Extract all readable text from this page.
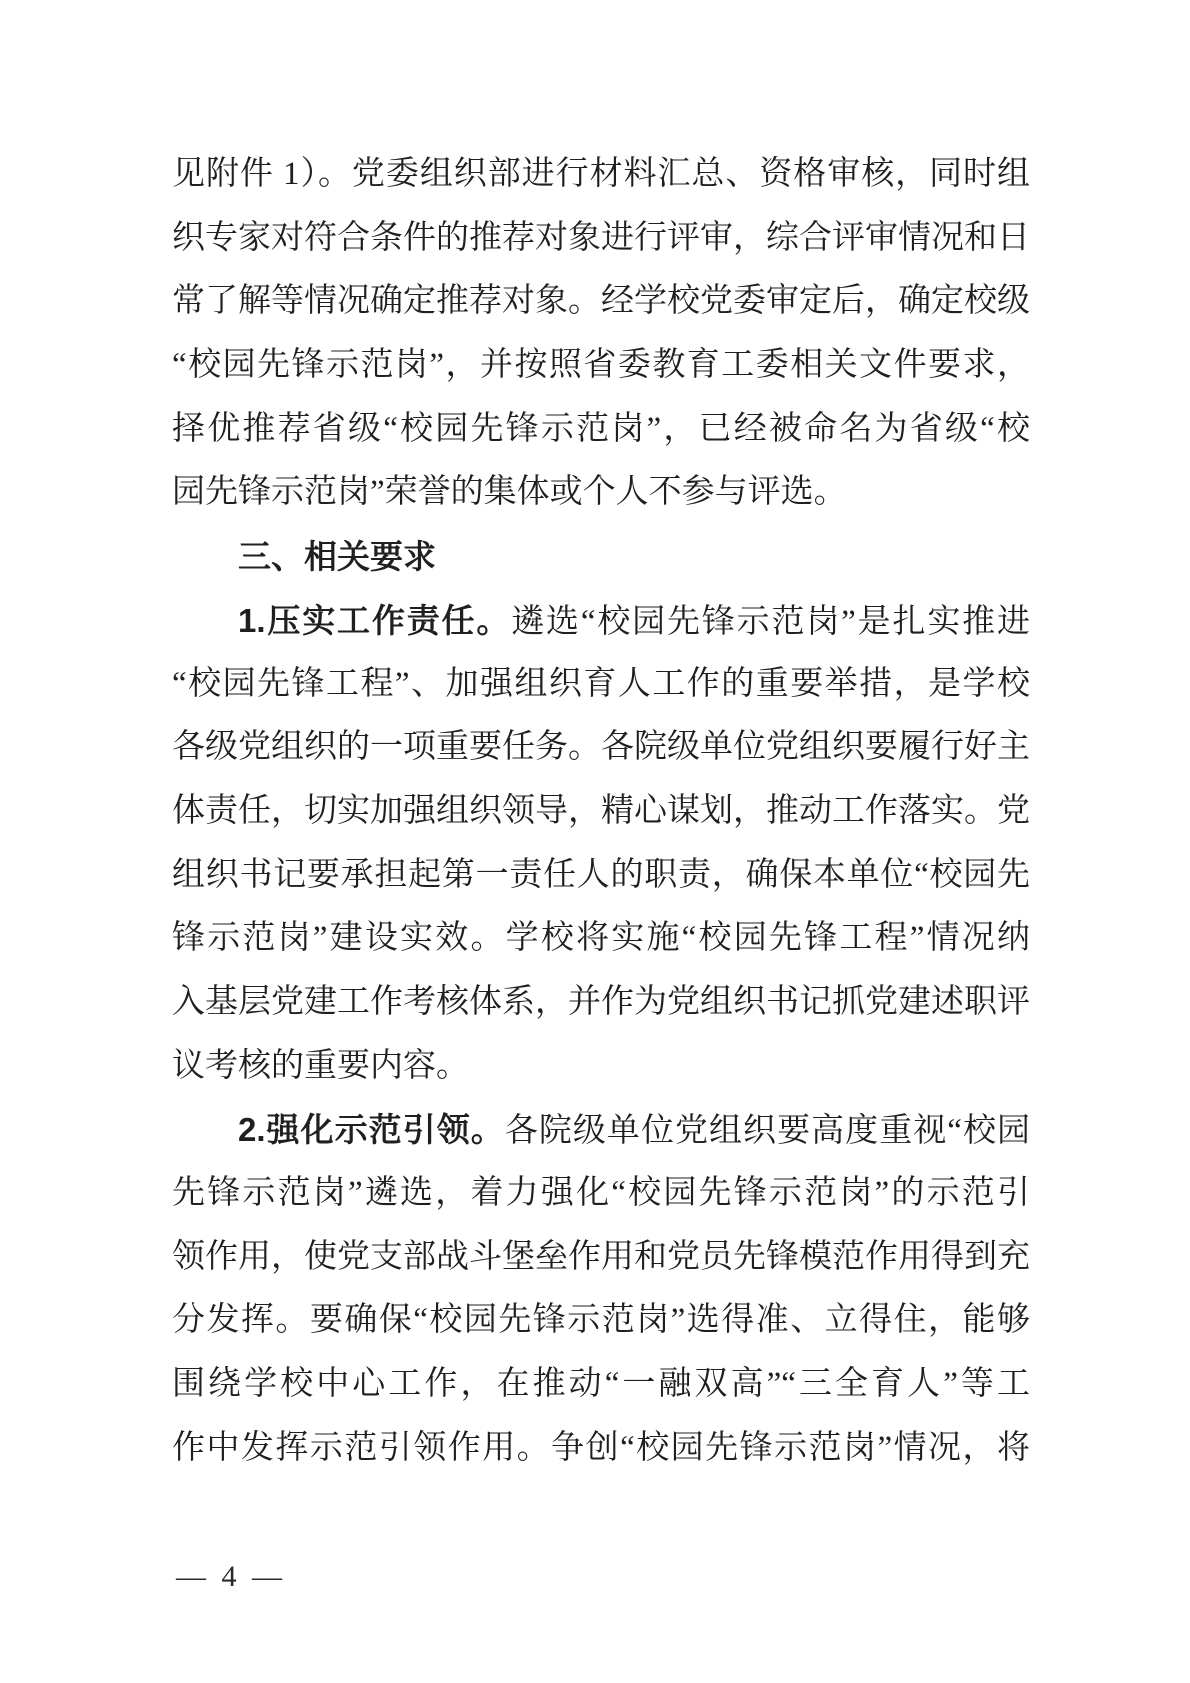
见附件 1）。党委组织部进行材料汇总、资格审核，同时组
织专家对符合条件的推荐对象进行评审，综合评审情况和日
常了解等情况确定推荐对象。经学校党委审定后，确定校级
“校园先锋示范岗”，并按照省委教育工委相关文件要求，
择优推荐省级“校园先锋示范岗”，已经被命名为省级“校
园先锋示范岗”荣誉的集体或个人不参与评选。
三、相关要求
1.压实工作责任。遴选“校园先锋示范岗”是扎实推进
“校园先锋工程”、加强组织育人工作的重要举措，是学校
各级党组织的一项重要任务。各院级单位党组织要履行好主
体责任，切实加强组织领导，精心谋划，推动工作落实。党
组织书记要承担起第一责任人的职责，确保本单位“校园先
锋示范岗”建设实效。学校将实施“校园先锋工程”情况纳
入基层党建工作考核体系，并作为党组织书记抓党建述职评
议考核的重要内容。
2.强化示范引领。各院级单位党组织要高度重视“校园
先锋示范岗”遴选，着力强化“校园先锋示范岗”的示范引
领作用，使党支部战斗堡垒作用和党员先锋模范作用得到充
分发挥。要确保“校园先锋示范岗”选得准、立得住，能够
围绕学校中心工作，在推动“一融双高”“三全育人”等工
作中发挥示范引领作用。争创“校园先锋示范岗”情况，将
— 4 —
